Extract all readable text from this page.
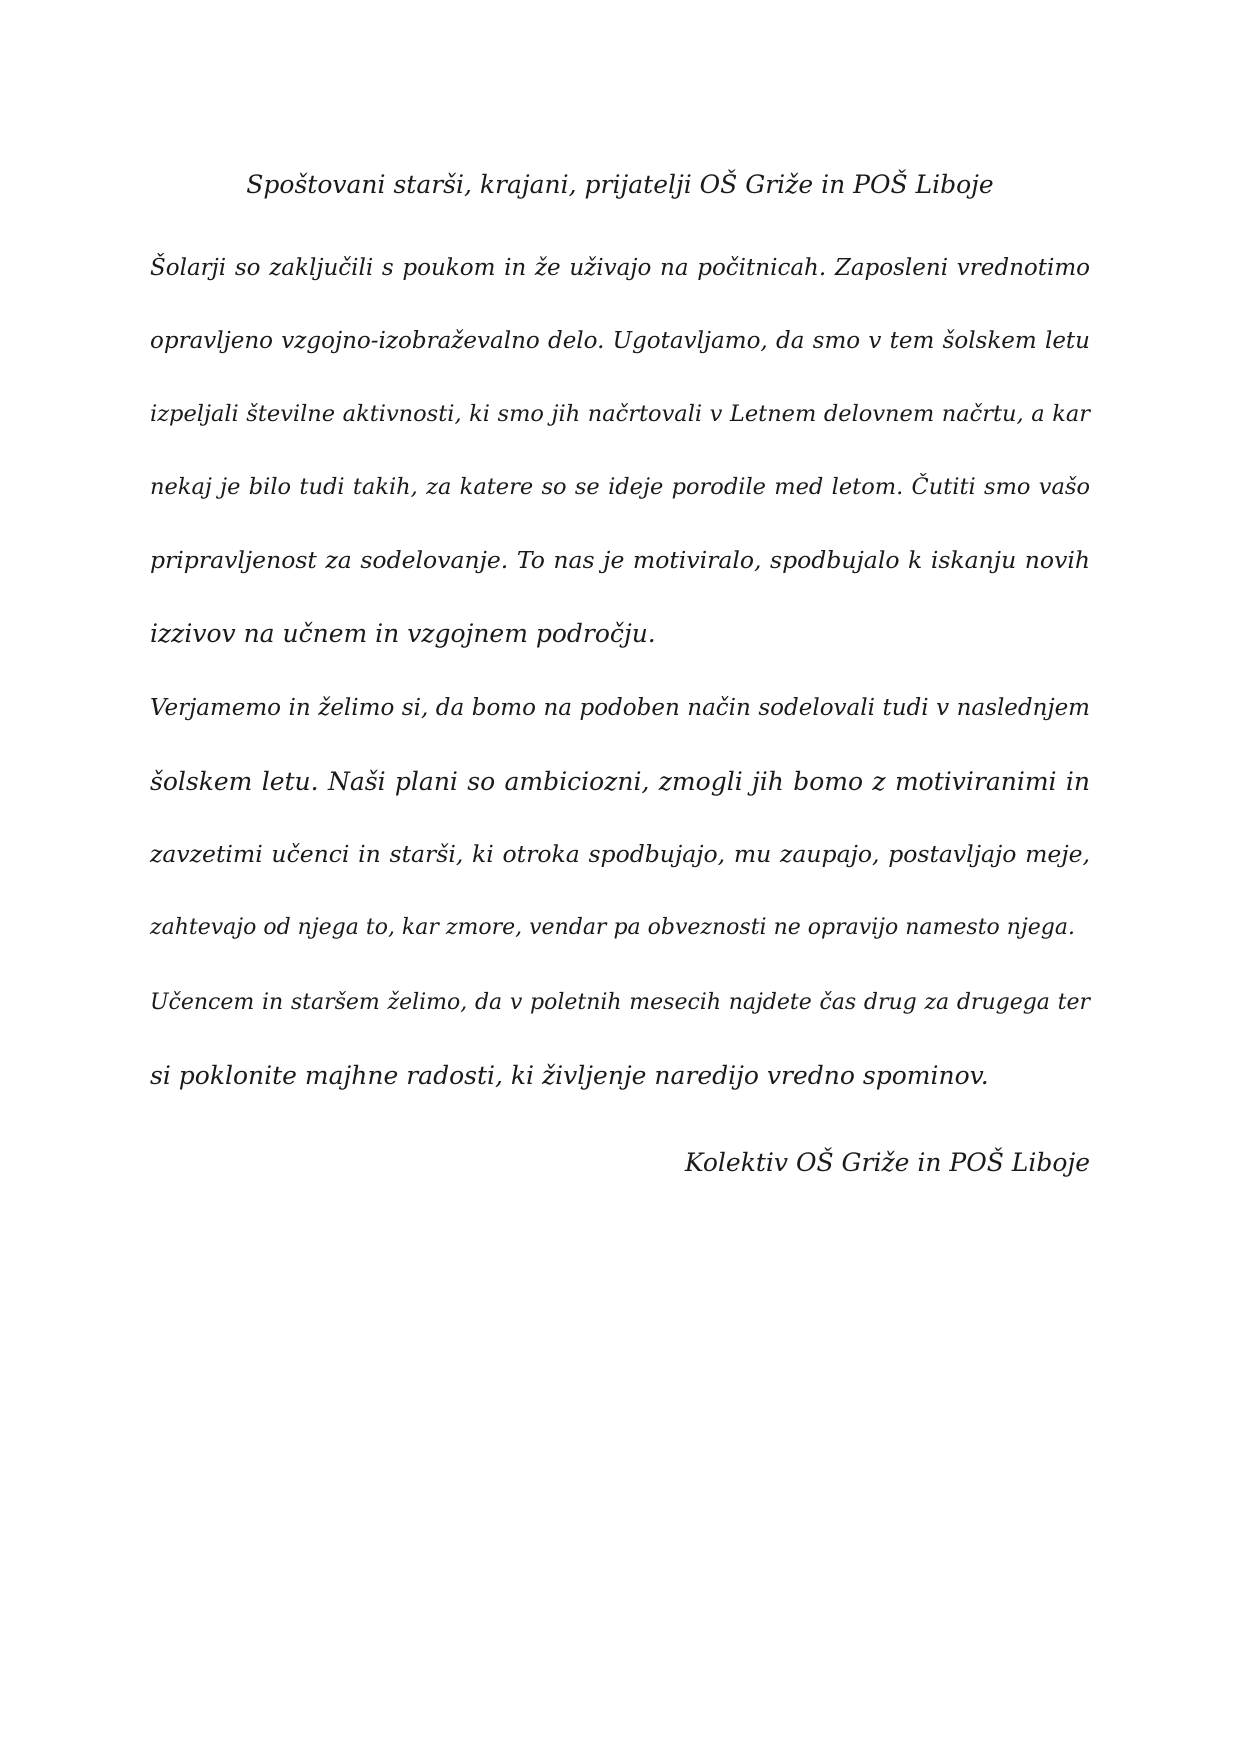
Spoštovani starši, krajani, prijatelji OŠ Griže in POŠ Liboje
Šolarji so zaključili s poukom in že uživajo na počitnicah. Zaposleni vrednotimo
opravljeno vzgojno-izobraževalno delo. Ugotavljamo, da smo v tem šolskem letu
izpeljali številne aktivnosti, ki smo jih načrtovali v Letnem delovnem načrtu, a kar
nekaj je bilo tudi takih, za katere so se ideje porodile med letom. Čutiti smo vašo
pripravljenost za sodelovanje. To nas je motiviralo, spodbujalo k iskanju novih
izzivov na učnem in vzgojnem področju.
Verjamemo in želimo si, da bomo na podoben način sodelovali tudi v naslednjem
šolskem letu. Naši plani so ambiciozni, zmogli jih bomo z motiviranimi in
zavzetimi učenci in starši, ki otroka spodbujajo, mu zaupajo, postavljajo meje,
zahtevajo od njega to, kar zmore, vendar pa obveznosti ne opravijo namesto njega.
Učencem in staršem želimo, da v poletnih mesecih najdete čas drug za drugega ter
si poklonite majhne radosti, ki življenje naredijo vredno spominov.
Kolektiv OŠ Griže in POŠ Liboje
